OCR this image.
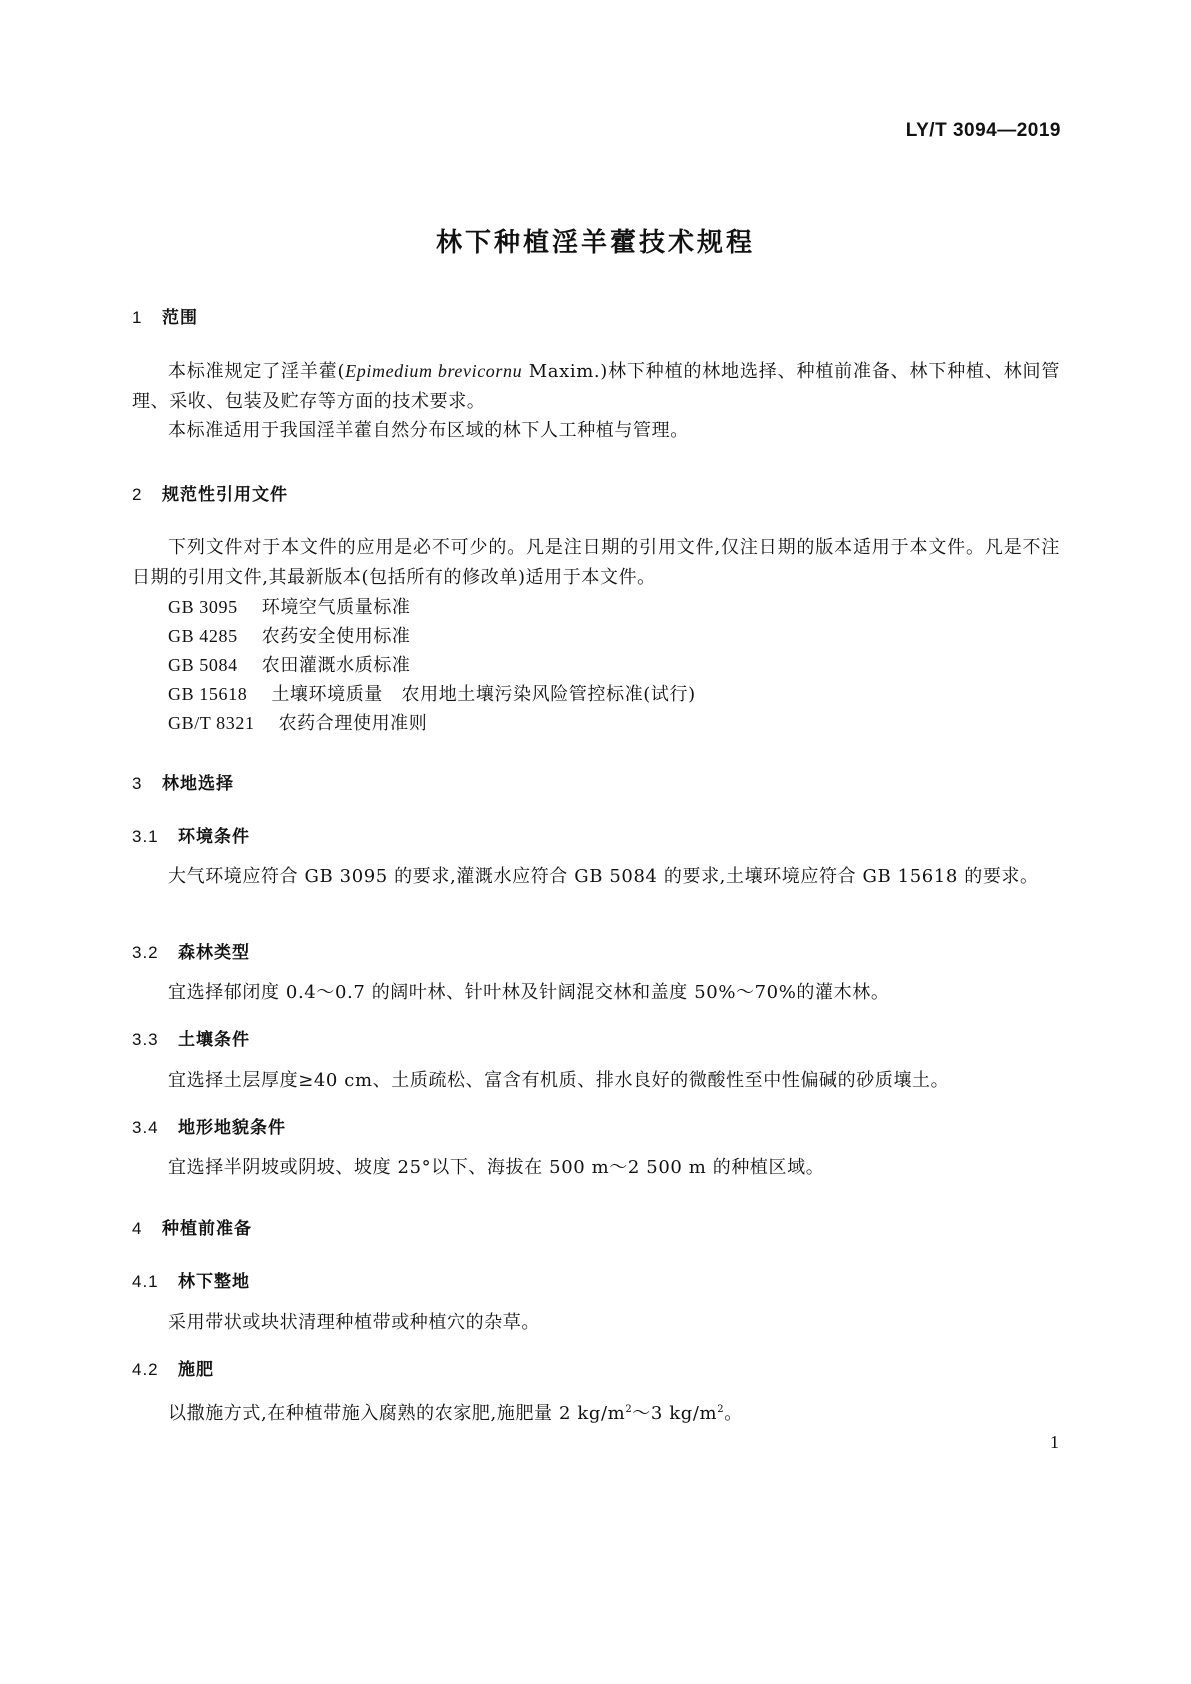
LY/T 3094—2019
林下种植淫羊藿技术规程
1 范围
本标准规定了淫羊藿(Epimedium brevicornu Maxim.)林下种植的林地选择、种植前准备、林下种植、林间管理、采收、包装及贮存等方面的技术要求。
本标准适用于我国淫羊藿自然分布区域的林下人工种植与管理。
2 规范性引用文件
下列文件对于本文件的应用是必不可少的。凡是注日期的引用文件,仅注日期的版本适用于本文件。凡是不注日期的引用文件,其最新版本(包括所有的修改单)适用于本文件。
GB 3095 环境空气质量标准
GB 4285 农药安全使用标准
GB 5084 农田灌溉水质标准
GB 15618 土壤环境质量　农用地土壤污染风险管控标准(试行)
GB/T 8321 农药合理使用准则
3 林地选择
3.1 环境条件
大气环境应符合 GB 3095 的要求,灌溉水应符合 GB 5084 的要求,土壤环境应符合 GB 15618 的要求。
3.2 森林类型
宜选择郁闭度 0.4～0.7 的阔叶林、针叶林及针阔混交林和盖度 50%～70%的灌木林。
3.3 土壤条件
宜选择土层厚度≥40 cm、土质疏松、富含有机质、排水良好的微酸性至中性偏碱的砂质壤土。
3.4 地形地貌条件
宜选择半阴坡或阴坡、坡度 25°以下、海拔在 500 m～2 500 m 的种植区域。
4 种植前准备
4.1 林下整地
采用带状或块状清理种植带或种植穴的杂草。
4.2 施肥
以撒施方式,在种植带施入腐熟的农家肥,施肥量 2 $kg/m^2\sim 3$ $kg/m^2$。
1
